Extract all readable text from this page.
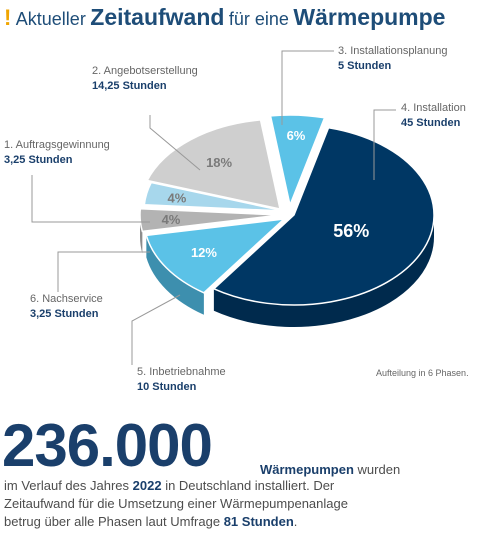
! Aktueller Zeitaufwand für eine Wärmepumpe
6%
56%
12%
4%
4%
18%
1. Auftragsgewinnung
3,25 Stunden
2. Angebotserstellung
14,25 Stunden
3. Installationsplanung
5 Stunden
4. Installation
45 Stunden
5. Inbetriebnahme
10 Stunden
6. Nachservice
3,25 Stunden
Aufteilung in 6 Phasen.
236.000	Wärmepumpen wurden
im Verlauf des Jahres 2022 in Deutschland installiert. Der
Zeitaufwand für die Umsetzung einer Wärmepumpenanlage
betrug über alle Phasen laut Umfrage 81 Stunden.
